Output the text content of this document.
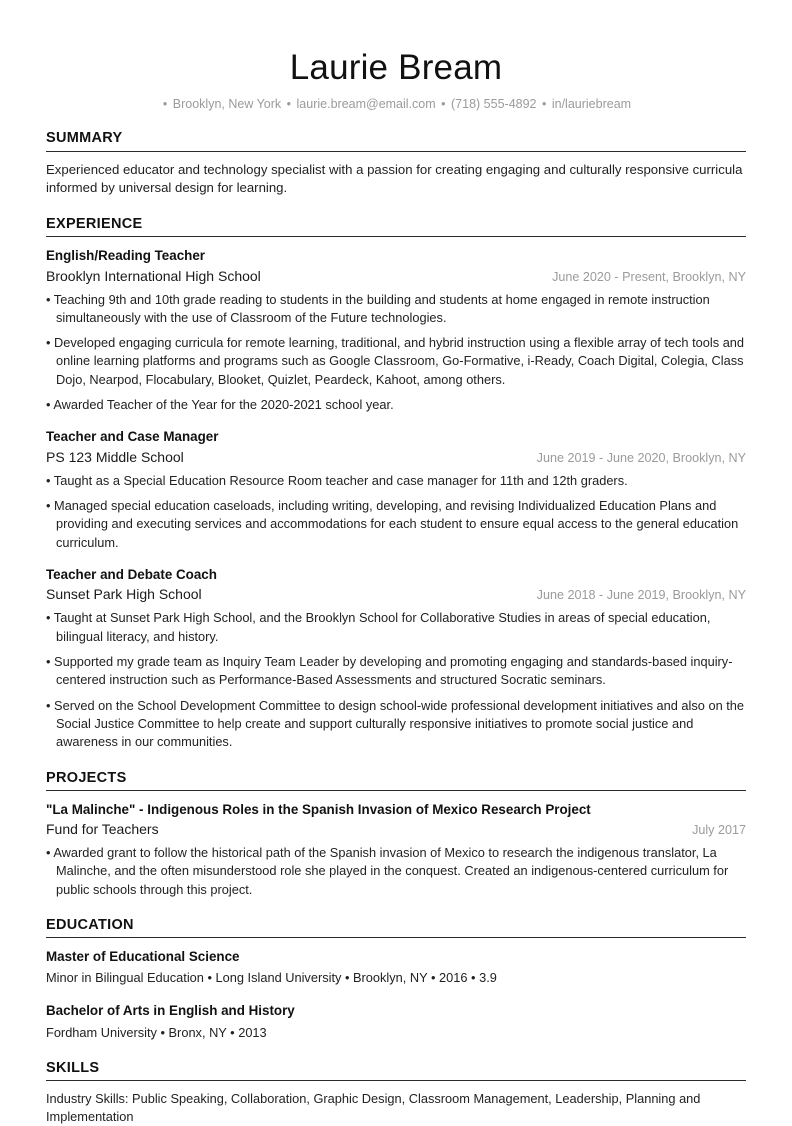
Laurie Bream
• Brooklyn, New York • laurie.bream@email.com • (718) 555-4892 • in/lauriebream
SUMMARY
Experienced educator and technology specialist with a passion for creating engaging and culturally responsive curricula informed by universal design for learning.
EXPERIENCE
English/Reading Teacher
Brooklyn International High School	June 2020 - Present, Brooklyn, NY
• Teaching 9th and 10th grade reading to students in the building and students at home engaged in remote instruction simultaneously with the use of Classroom of the Future technologies.
• Developed engaging curricula for remote learning, traditional, and hybrid instruction using a flexible array of tech tools and online learning platforms and programs such as Google Classroom, Go-Formative, i-Ready, Coach Digital, Colegia, Class Dojo, Nearpod, Flocabulary, Blooket, Quizlet, Peardeck, Kahoot, among others.
• Awarded Teacher of the Year for the 2020-2021 school year.
Teacher and Case Manager
PS 123 Middle School	June 2019 - June 2020, Brooklyn, NY
• Taught as a Special Education Resource Room teacher and case manager for 11th and 12th graders.
• Managed special education caseloads, including writing, developing, and revising Individualized Education Plans and providing and executing services and accommodations for each student to ensure equal access to the general education curriculum.
Teacher and Debate Coach
Sunset Park High School	June 2018 - June 2019, Brooklyn, NY
• Taught at Sunset Park High School, and the Brooklyn School for Collaborative Studies in areas of special education, bilingual literacy, and history.
• Supported my grade team as Inquiry Team Leader by developing and promoting engaging and standards-based inquiry-centered instruction such as Performance-Based Assessments and structured Socratic seminars.
• Served on the School Development Committee to design school-wide professional development initiatives and also on the Social Justice Committee to help create and support culturally responsive initiatives to promote social justice and awareness in our communities.
PROJECTS
"La Malinche" - Indigenous Roles in the Spanish Invasion of Mexico Research Project
Fund for Teachers	July 2017
• Awarded grant to follow the historical path of the Spanish invasion of Mexico to research the indigenous translator, La Malinche, and the often misunderstood role she played in the conquest. Created an indigenous-centered curriculum for public schools through this project.
EDUCATION
Master of Educational Science
Minor in Bilingual Education • Long Island University • Brooklyn, NY • 2016 • 3.9
Bachelor of Arts in English and History
Fordham University • Bronx, NY • 2013
SKILLS
Industry Skills: Public Speaking, Collaboration, Graphic Design, Classroom Management, Leadership, Planning and Implementation
